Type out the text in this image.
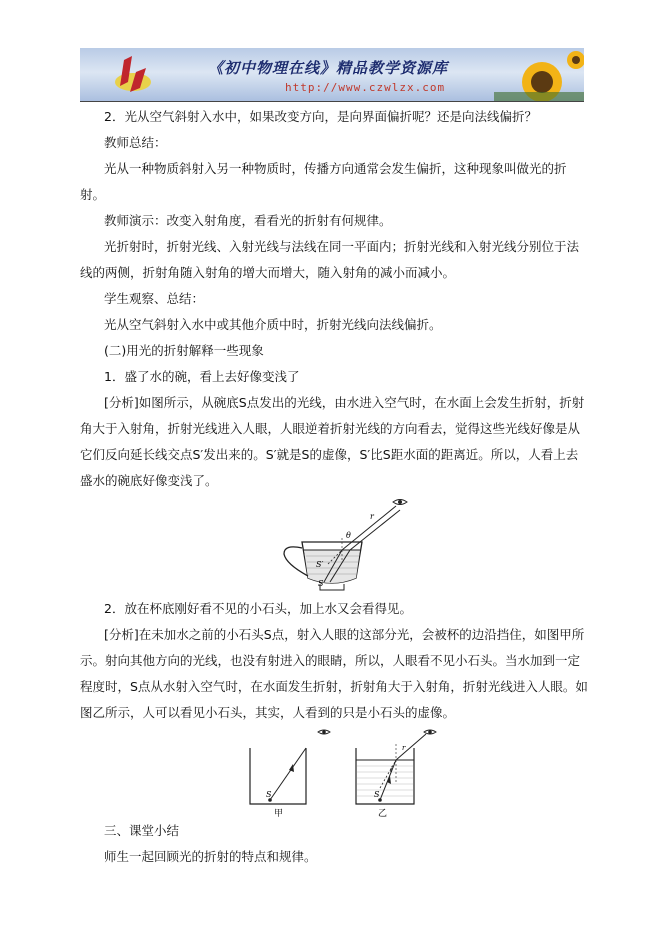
《初中物理在线》精品教学资源库
http://www.czwlzx.com

2．光从空气斜射入水中，如果改变方向，是向界面偏折呢？还是向法线偏折？

教师总结：

光从一种物质斜射入另一种物质时，传播方向通常会发生偏折，这种现象叫做光的折射。

教师演示：改变入射角度，看看光的折射有何规律。

光折射时，折射光线、入射光线与法线在同一平面内；折射光线和入射光线分别位于法线的两侧，折射角随入射角的增大而增大，随入射角的减小而减小。

学生观察、总结：

光从空气斜射入水中或其他介质中时，折射光线向法线偏折。

(二)用光的折射解释一些现象

1．盛了水的碗，看上去好像变浅了

[分析]如图所示，从碗底S点发出的光线，由水进入空气时，在水面上会发生折射，折射角大于入射角，折射光线进入人眼，人眼逆着折射光线的方向看去，觉得这些光线好像是从它们反向延长线交点S′发出来的。S′就是S的虚像，S′比S距水面的距离近。所以，人看上去盛水的碗底好像变浅了。

S′
S
r
θ

2．放在杯底刚好看不见的小石头，加上水又会看得见。

[分析]在未加水之前的小石头S点，射入人眼的这部分光，会被杯的边沿挡住，如图甲所示。射向其他方向的光线，也没有射进入的眼睛，所以，人眼看不见小石头。当水加到一定程度时，S点从水射入空气时，在水面发生折射，折射角大于入射角，折射光线进入人眼。如图乙所示，人可以看见小石头，其实，人看到的只是小石头的虚像。

S
甲
S
r
i
乙

三、课堂小结

师生一起回顾光的折射的特点和规律。
